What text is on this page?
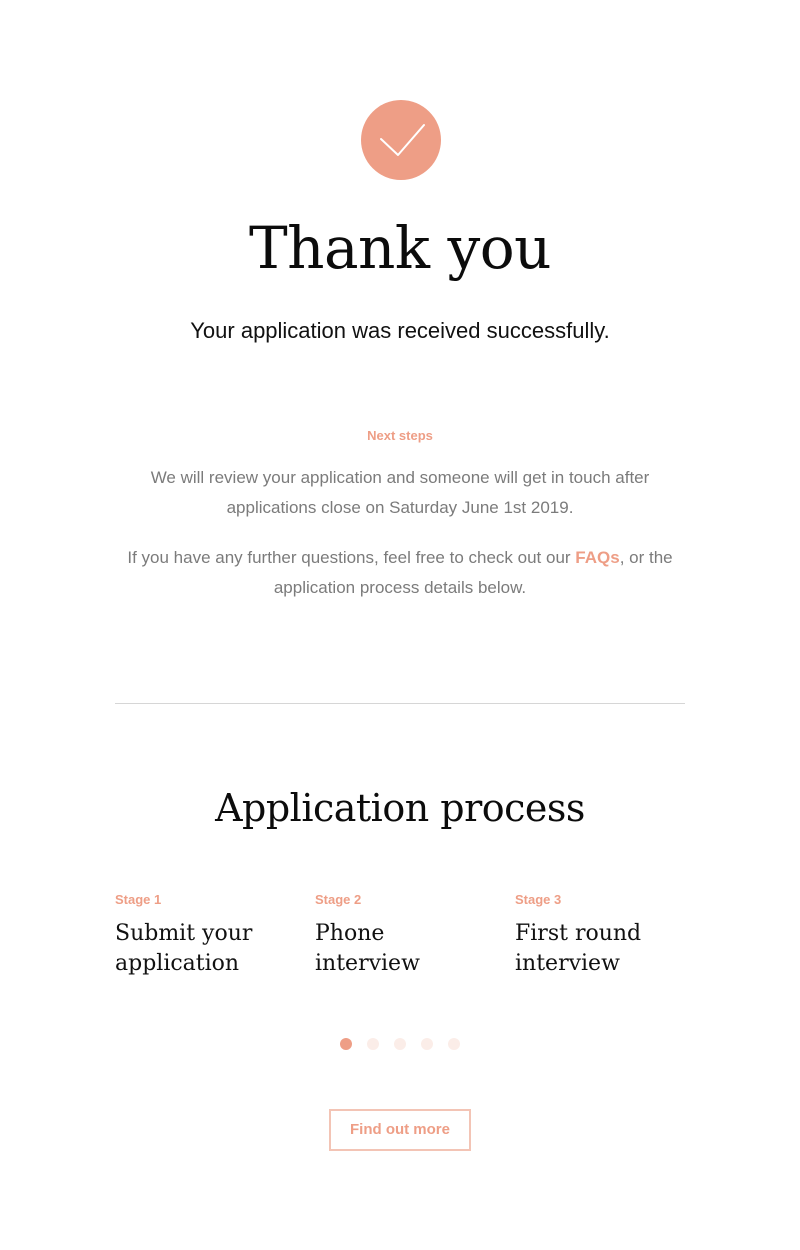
Thank you

Your application was received successfully.

Next steps

We will review your application and someone will get in touch after applications close on Saturday June 1st 2019.

If you have any further questions, feel free to check out our FAQs, or the application process details below.

Application process
Stage 1
Submit your application
Stage 2
Phone interview
Stage 3
First round interview
Find out more
